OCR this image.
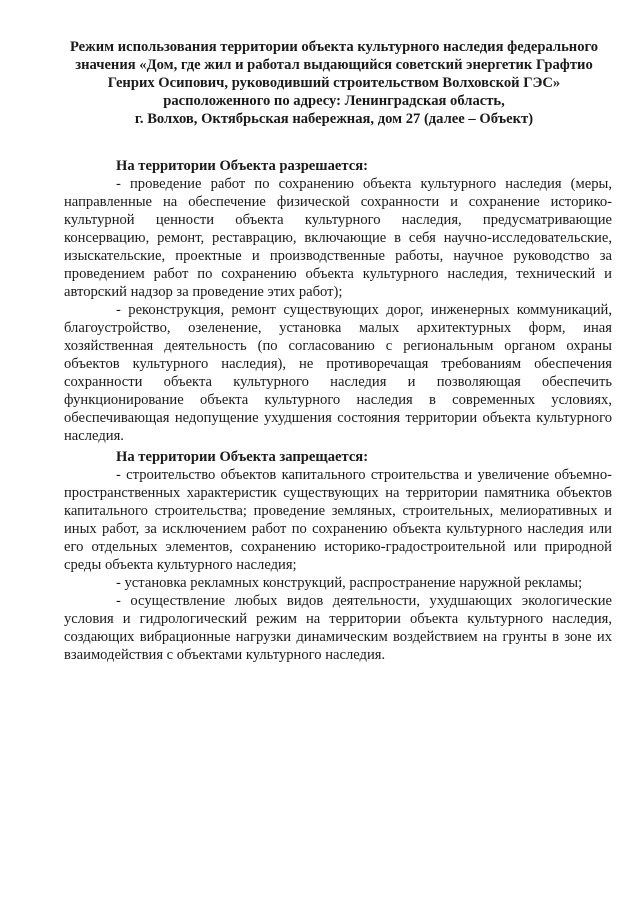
Режим использования территории объекта культурного наследия федерального
значения «Дом, где жил и работал выдающийся советский энергетик Графтио
Генрих Осипович, руководивший строительством Волховской ГЭС»
расположенного по адресу: Ленинградская область,
г. Волхов, Октябрьская набережная, дом 27 (далее – Объект)
На территории Объекта разрешается:

- проведение работ по сохранению объекта культурного наследия (меры, направленные на обеспечение физической сохранности и сохранение историко-культурной ценности объекта культурного наследия, предусматривающие консервацию, ремонт, реставрацию, включающие в себя научно-исследовательские, изыскательские, проектные и производственные работы, научное руководство за проведением работ по сохранению объекта культурного наследия, технический и авторский надзор за проведение этих работ);

- реконструкция, ремонт существующих дорог, инженерных коммуникаций, благоустройство, озеленение, установка малых архитектурных форм, иная хозяйственная деятельность (по согласованию с региональным органом охраны объектов культурного наследия), не противоречащая требованиям обеспечения сохранности объекта культурного наследия и позволяющая обеспечить функционирование объекта культурного наследия в современных условиях, обеспечивающая недопущение ухудшения состояния территории объекта культурного наследия.

На территории Объекта запрещается:

- строительство объектов капитального строительства и увеличение объемно-пространственных характеристик существующих на территории памятника объектов капитального строительства; проведение земляных, строительных, мелиоративных и иных работ, за исключением работ по сохранению объекта культурного наследия или его отдельных элементов, сохранению историко-градостроительной или природной среды объекта культурного наследия;

- установка рекламных конструкций, распространение наружной рекламы;

- осуществление любых видов деятельности, ухудшающих экологические условия и гидрологический режим на территории объекта культурного наследия, создающих вибрационные нагрузки динамическим воздействием на грунты в зоне их взаимодействия с объектами культурного наследия.
